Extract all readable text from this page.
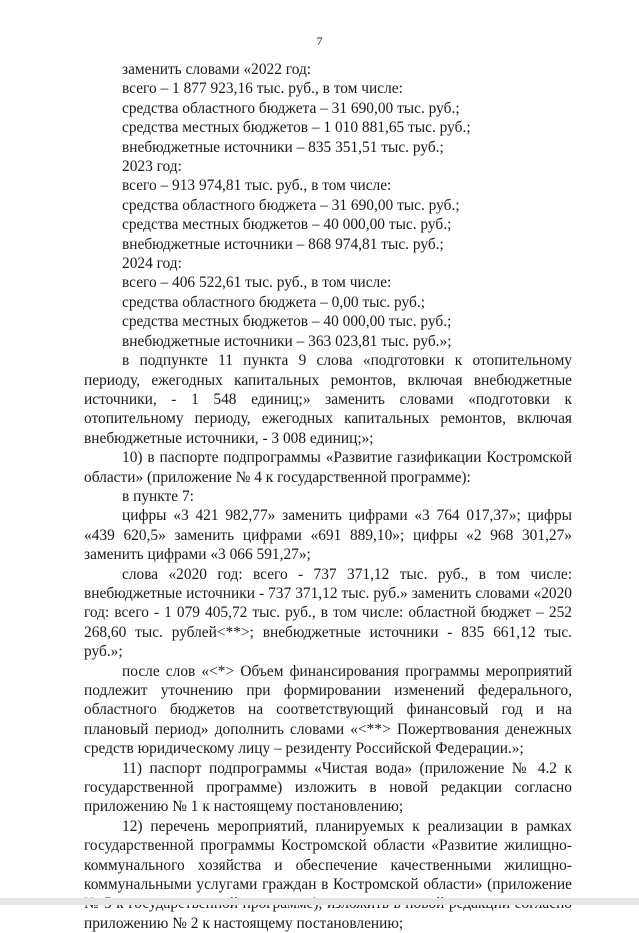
7

заменить словами «2022 год:

всего – 1 877 923,16 тыс. руб., в том числе:

средства областного бюджета – 31 690,00 тыс. руб.;

средства местных бюджетов – 1 010 881,65 тыс. руб.;

внебюджетные источники – 835 351,51 тыс. руб.;

2023 год:

всего – 913 974,81 тыс. руб., в том числе:

средства областного бюджета – 31 690,00 тыс. руб.;

средства местных бюджетов – 40 000,00 тыс. руб.;

внебюджетные источники – 868 974,81 тыс. руб.;

2024 год:

всего – 406 522,61 тыс. руб., в том числе:

средства областного бюджета – 0,00 тыс. руб.;

средства местных бюджетов – 40 000,00 тыс. руб.;

внебюджетные источники – 363 023,81 тыс. руб.»;

в подпункте 11 пункта 9 слова «подготовки к отопительному периоду, ежегодных капитальных ремонтов, включая внебюджетные источники, - 1 548 единиц;» заменить словами «подготовки к отопительному периоду, ежегодных капитальных ремонтов, включая внебюджетные источники, - 3 008 единиц;»;

10) в паспорте подпрограммы «Развитие газификации Костромской области» (приложение № 4 к государственной программе):

в пункте 7:

цифры «3 421 982,77» заменить цифрами «3 764 017,37»; цифры «439 620,5» заменить цифрами «691 889,10»; цифры «2 968 301,27» заменить цифрами «3 066 591,27»;

слова «2020 год: всего - 737 371,12 тыс. руб., в том числе: внебюджетные источники - 737 371,12 тыс. руб.» заменить словами «2020 год: всего - 1 079 405,72 тыс. руб., в том числе: областной бюджет – 252 268,60 тыс. рублей<**>; внебюджетные источники - 835 661,12 тыс. руб.»;

после слов «<*> Объем финансирования программы мероприятий подлежит уточнению при формировании изменений федерального, областного бюджетов на соответствующий финансовый год и на плановый период» дополнить словами «<**> Пожертвования денежных средств юридическому лицу – резиденту Российской Федерации.»;

11) паспорт подпрограммы «Чистая вода» (приложение № 4.2 к государственной программе) изложить в новой редакции согласно приложению № 1 к настоящему постановлению;

12) перечень мероприятий, планируемых к реализации в рамках государственной программы Костромской области «Развитие жилищно-коммунального хозяйства и обеспечение качественными жилищно-коммунальными услугами граждан в Костромской области» (приложение приложению № 2 к настоящему постановлению;
